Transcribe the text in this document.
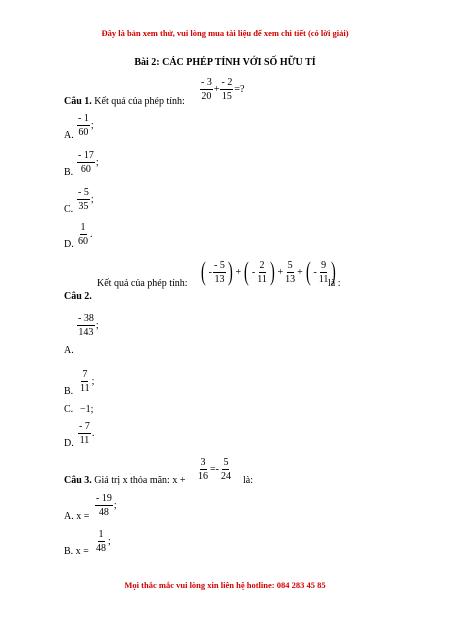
Đây là bản xem thử, vui lòng mua tài liệu để xem chi tiết (có lời giải)
Bài 2: CÁC PHÉP TÍNH VỚI SỐ HỮU TỈ
Câu 1. Kết quả của phép tính: $\frac{- 3}{20} + \frac{- 2}{15}$ =?
A. $\frac{- 1}{60}$ ;
B. $\frac{- 17}{60}$ ;
C. $\frac{- 5}{35}$ ;
D. $\frac{1}{60}$ .
Kết quả của phép tính: ( - $\frac{- 5}{13}$ ) + ( - $\frac{2}{11}$ ) + $\frac{5}{13}$ + ( - $\frac{9}{11}$ )
là :
Câu 2.
$\frac{- 38}{143}$ ;
A.
B. $\frac{7}{11}$ ;
C. −1;
D. $\frac{- 7}{11}$ .
Câu 3. Giá trị x thỏa mãn: $x + \frac{3}{16} =- \frac{5}{24}$ là:
A. $x = \frac{- 19}{48}$ ;
B. $x = \frac{1}{48}$ ;
Mọi thắc mắc vui lòng xin liên hệ hotline: 084 283 45 85
